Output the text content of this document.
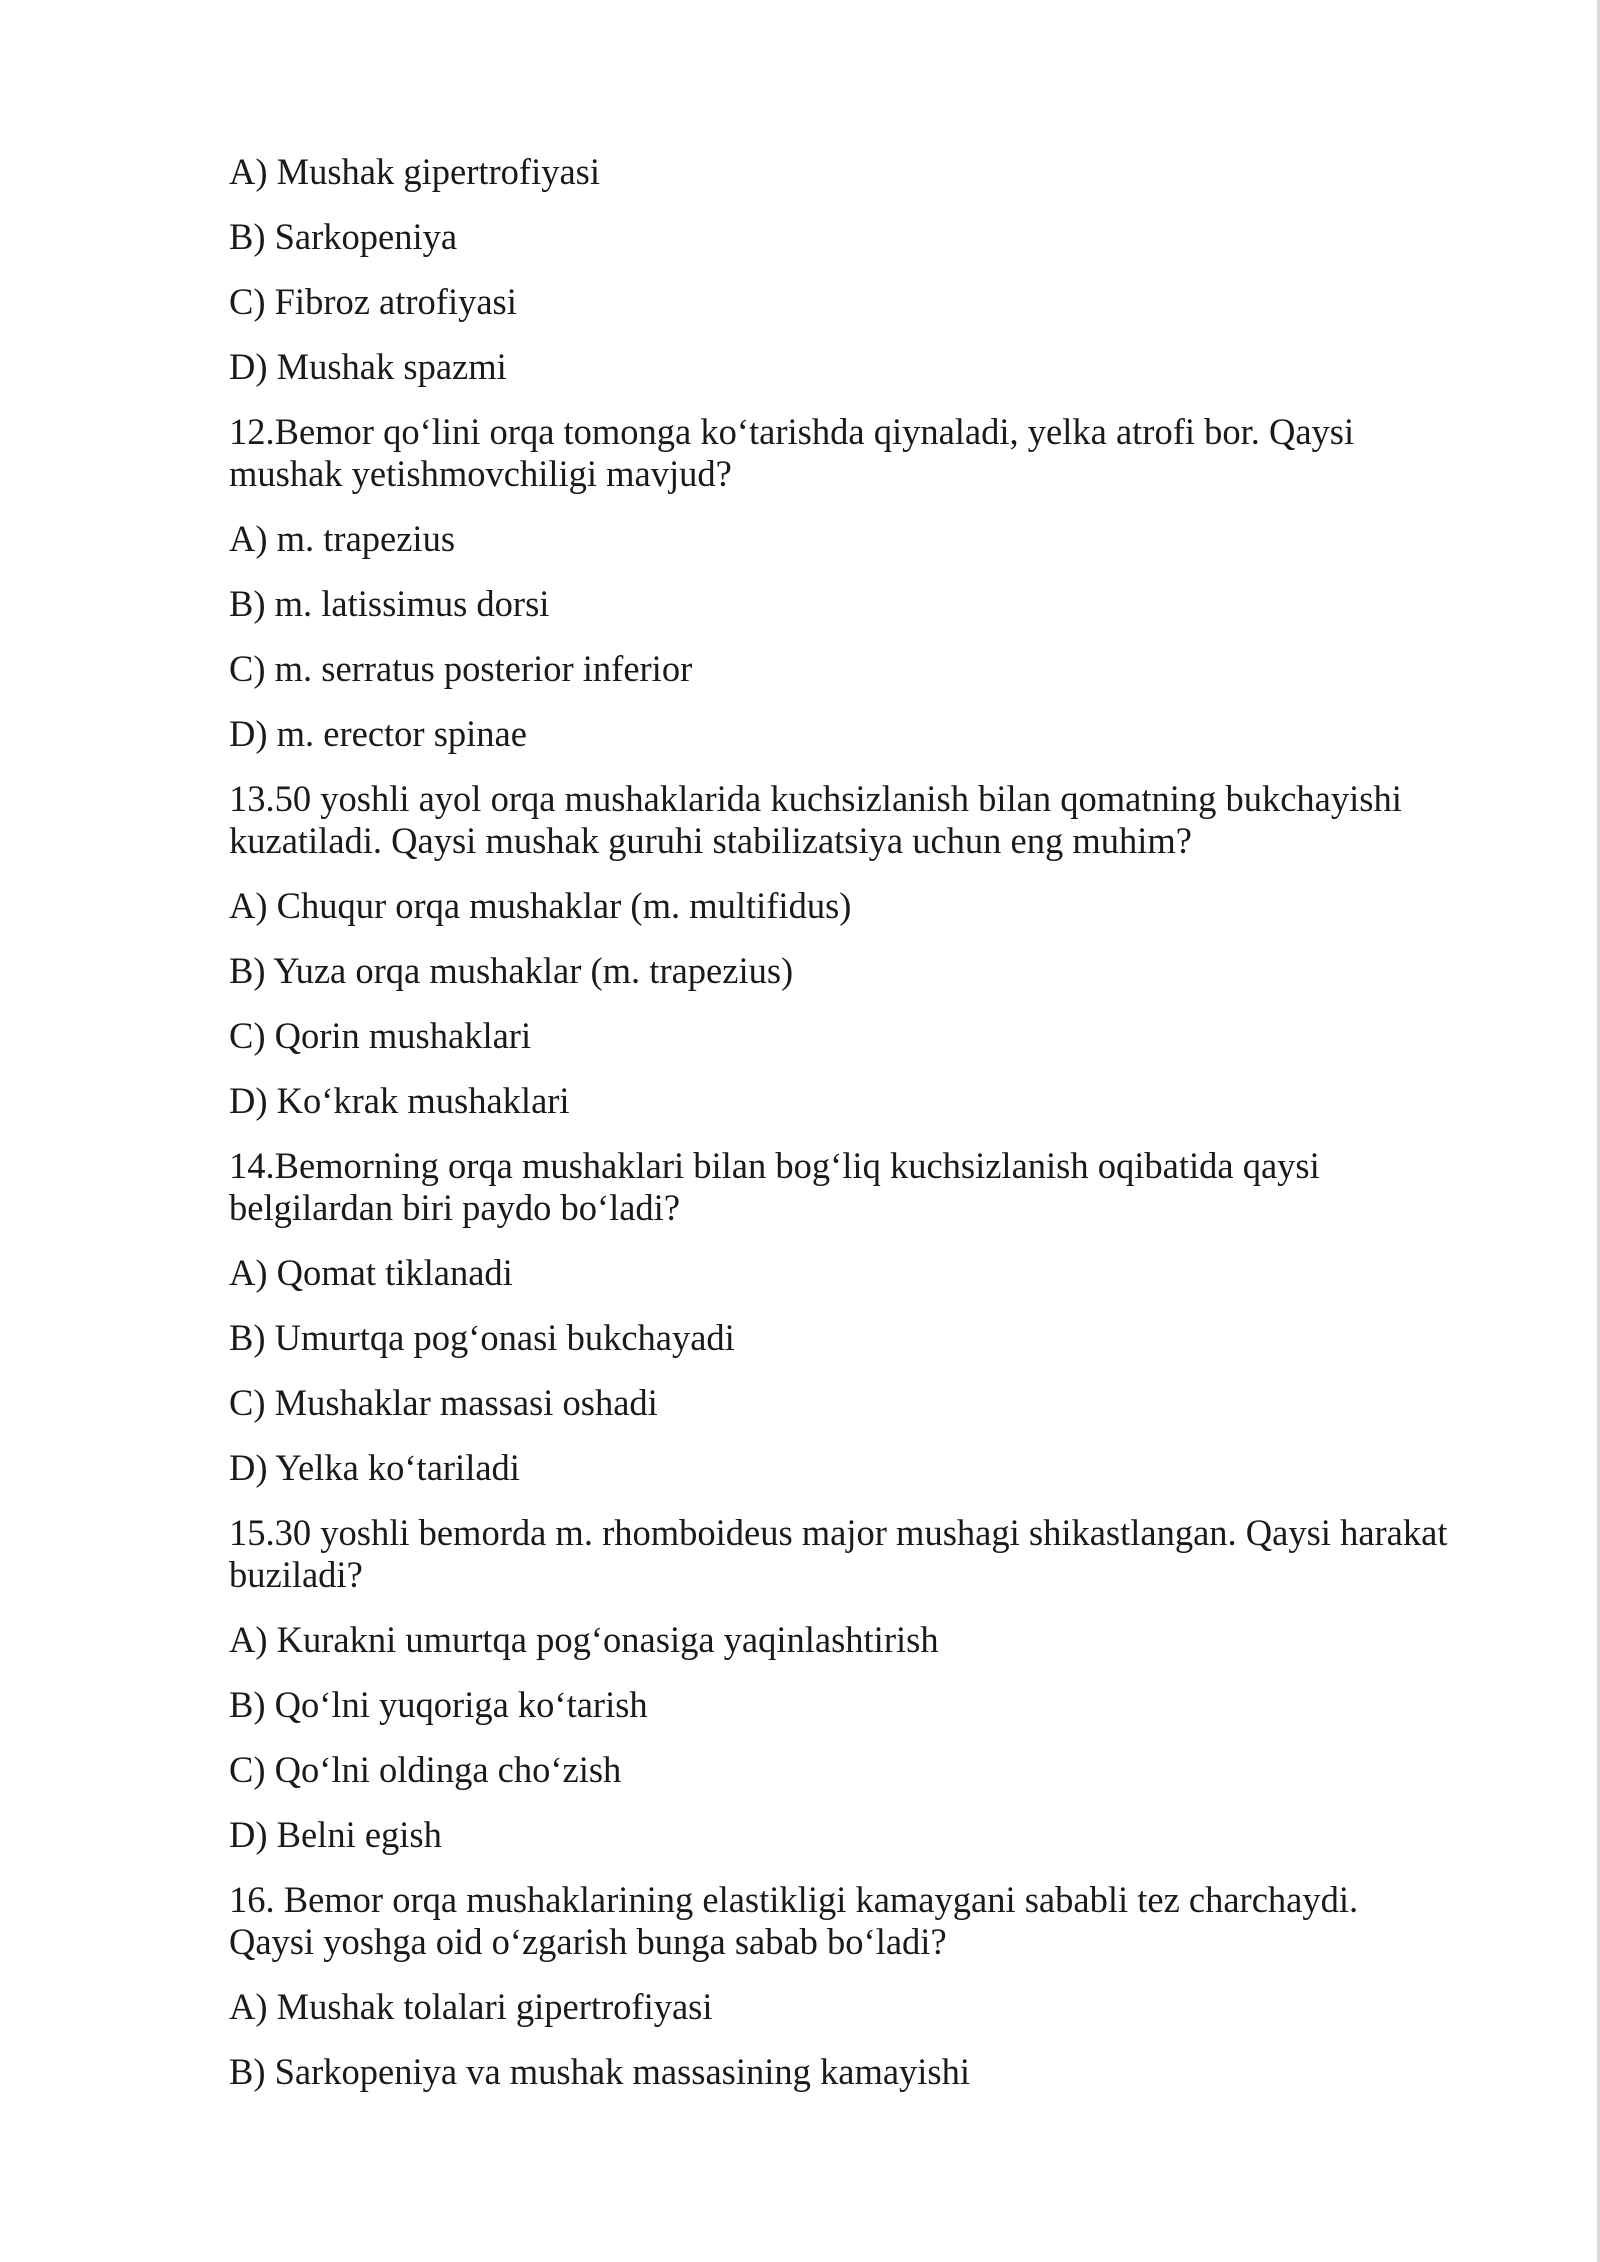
A) Mushak gipertrofiyasi
B) Sarkopeniya
C) Fibroz atrofiyasi
D) Mushak spazmi
12.Bemor qo‘lini orqa tomonga ko‘tarishda qiynaladi, yelka atrofi bor. Qaysi
mushak yetishmovchiligi mavjud?
A) m. trapezius
B) m. latissimus dorsi
C) m. serratus posterior inferior
D) m. erector spinae
13.50 yoshli ayol orqa mushaklarida kuchsizlanish bilan qomatning bukchayishi
kuzatiladi. Qaysi mushak guruhi stabilizatsiya uchun eng muhim?
A) Chuqur orqa mushaklar (m. multifidus)
B) Yuza orqa mushaklar (m. trapezius)
C) Qorin mushaklari
D) Ko‘krak mushaklari
14.Bemorning orqa mushaklari bilan bog‘liq kuchsizlanish oqibatida qaysi
belgilardan biri paydo bo‘ladi?
A) Qomat tiklanadi
B) Umurtqa pog‘onasi bukchayadi
C) Mushaklar massasi oshadi
D) Yelka ko‘tariladi
15.30 yoshli bemorda m. rhomboideus major mushagi shikastlangan. Qaysi harakat
buziladi?
A) Kurakni umurtqa pog‘onasiga yaqinlashtirish
B) Qo‘lni yuqoriga ko‘tarish
C) Qo‘lni oldinga cho‘zish
D) Belni egish
16. Bemor orqa mushaklarining elastikligi kamaygani sababli tez charchaydi.
Qaysi yoshga oid o‘zgarish bunga sabab bo‘ladi?
A) Mushak tolalari gipertrofiyasi
B) Sarkopeniya va mushak massasining kamayishi
